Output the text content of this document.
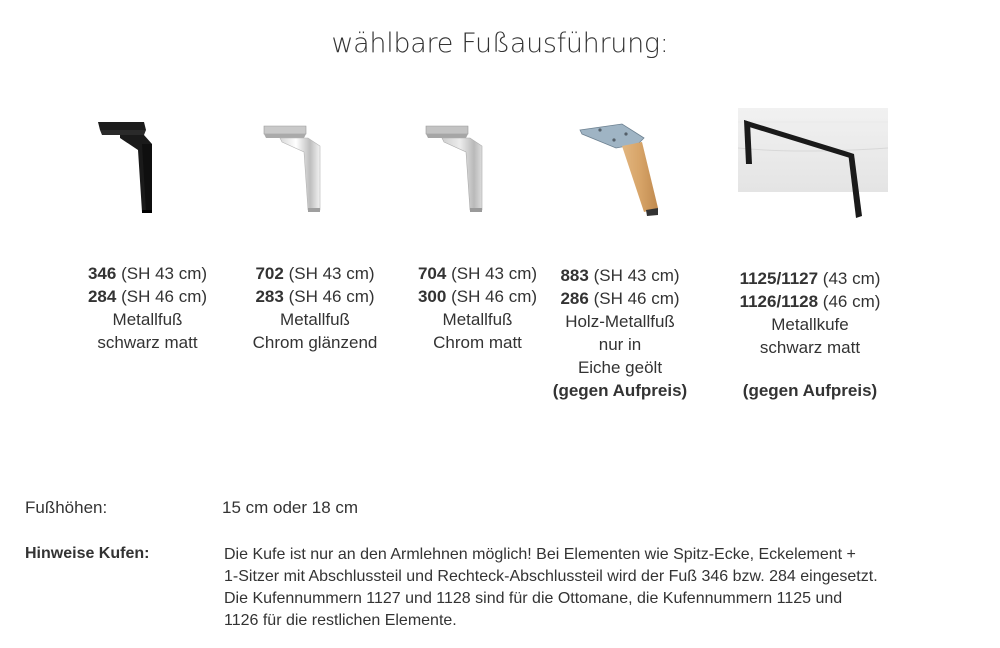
wählbare Fußausführung:
346 (SH 43 cm)
284 (SH 46 cm)
Metallfuß
schwarz matt
702 (SH 43 cm)
283 (SH 46 cm)
Metallfuß
Chrom glänzend
704 (SH 43 cm)
300 (SH 46 cm)
Metallfuß
Chrom matt
883 (SH 43 cm)
286 (SH 46 cm)
Holz-Metallfuß
nur in
Eiche geölt
(gegen Aufpreis)
1125/1127 (43 cm)
1126/1128 (46 cm)
Metallkufe
schwarz matt
(gegen Aufpreis)
Fußhöhen:	15 cm oder 18 cm
Hinweise Kufen:	Die Kufe ist nur an den Armlehnen möglich! Bei Elementen wie Spitz-Ecke, Eckelement +
1-Sitzer mit Abschlussteil und Rechteck-Abschlussteil wird der Fuß 346 bzw. 284 eingesetzt.
Die Kufennummern 1127 und 1128 sind für die Ottomane, die Kufennummern 1125 und
1126 für die restlichen Elemente.
